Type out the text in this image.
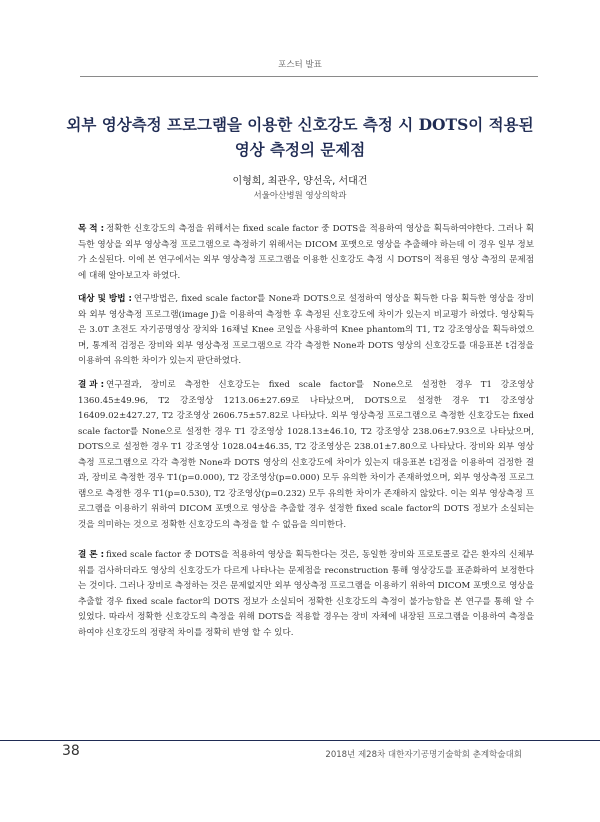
포스터 발표
외부 영상측정 프로그램을 이용한 신호강도 측정 시 DOTS이 적용된 영상 측정의 문제점
이형희, 최관우, 양선욱, 서대건
서울아산병원 영상의학과
목 적 : 정확한 신호강도의 측정을 위해서는 fixed scale factor 중 DOTS을 적용하여 영상을 획득하여야한다. 그러나 획득한 영상을 외부 영상측정 프로그램으로 측정하기 위해서는 DICOM 포맷으로 영상을 추출해야 하는데 이 경우 일부 정보가 소실된다. 이에 본 연구에서는 외부 영상측정 프로그램을 이용한 신호강도 측정 시 DOTS이 적용된 영상 측정의 문제점에 대해 알아보고자 하였다.
대상 및 방법 : 연구방법은, fixed scale factor를 None과 DOTS으로 설정하여 영상을 획득한 다음 획득한 영상을 장비와 외부 영상측정 프로그램(image J)을 이용하여 측정한 후 측정된 신호강도에 차이가 있는지 비교평가 하였다. 영상획득은 3.0T 초전도 자기공명영상 장치와 16채널 Knee 코일을 사용하여 Knee phantom의 T1, T2 강조영상을 획득하였으며, 통계적 검정은 장비와 외부 영상측정 프로그램으로 각각 측정한 None과 DOTS 영상의 신호강도를 대응표본 t검정을 이용하여 유의한 차이가 있는지 판단하였다.
결 과 : 연구결과, 장비로 측정한 신호강도는 fixed scale factor를 None으로 설정한 경우 T1 강조영상 1360.45±49.96, T2 강조영상 1213.06±27.69로 나타났으며, DOTS으로 설정한 경우 T1 강조영상 16409.02±427.27, T2 강조영상 2606.75±57.82로 나타났다. 외부 영상측정 프로그램으로 측정한 신호강도는 fixed scale factor를 None으로 설정한 경우 T1 강조영상 1028.13±46.10, T2 강조영상 238.06±7.93으로 나타났으며, DOTS으로 설정한 경우 T1 강조영상 1028.04±46.35, T2 강조영상은 238.01±7.80으로 나타났다. 장비와 외부 영상측정 프로그램으로 각각 측정한 None과 DOTS 영상의 신호강도에 차이가 있는지 대응표본 t검정을 이용하여 검정한 결과, 장비로 측정한 경우 T1(p=0.000), T2 강조영상(p=0.000) 모두 유의한 차이가 존재하였으며, 외부 영상측정 프로그램으로 측정한 경우 T1(p=0.530), T2 강조영상(p=0.232) 모두 유의한 차이가 존재하지 않았다. 이는 외부 영상측정 프로그램을 이용하기 위하여 DICOM 포맷으로 영상을 추출할 경우 설정한 fixed scale factor의 DOTS 정보가 소실되는 것을 의미하는 것으로 정확한 신호강도의 측정을 할 수 없음을 의미한다.
결 론 : fixed scale factor 중 DOTS을 적용하여 영상을 획득한다는 것은, 동일한 장비와 프로토콜로 같은 환자의 신체부위를 검사하더라도 영상의 신호강도가 다르게 나타나는 문제점을 reconstruction 통해 영상강도를 표준화하여 보정한다는 것이다. 그러나 장비로 측정하는 것은 문제없지만 외부 영상측정 프로그램을 이용하기 위하여 DICOM 포맷으로 영상을 추출할 경우 fixed scale factor의 DOTS 정보가 소실되어 정확한 신호강도의 측정이 불가능함을 본 연구를 통해 알 수 있었다. 따라서 정확한 신호강도의 측정을 위해 DOTS을 적용할 경우는 장비 자체에 내장된 프로그램을 이용하여 측정을 하여야 신호강도의 정량적 차이를 정확히 반영 할 수 있다.
38	2018년 제28차 대한자기공명기술학회 춘계학술대회
